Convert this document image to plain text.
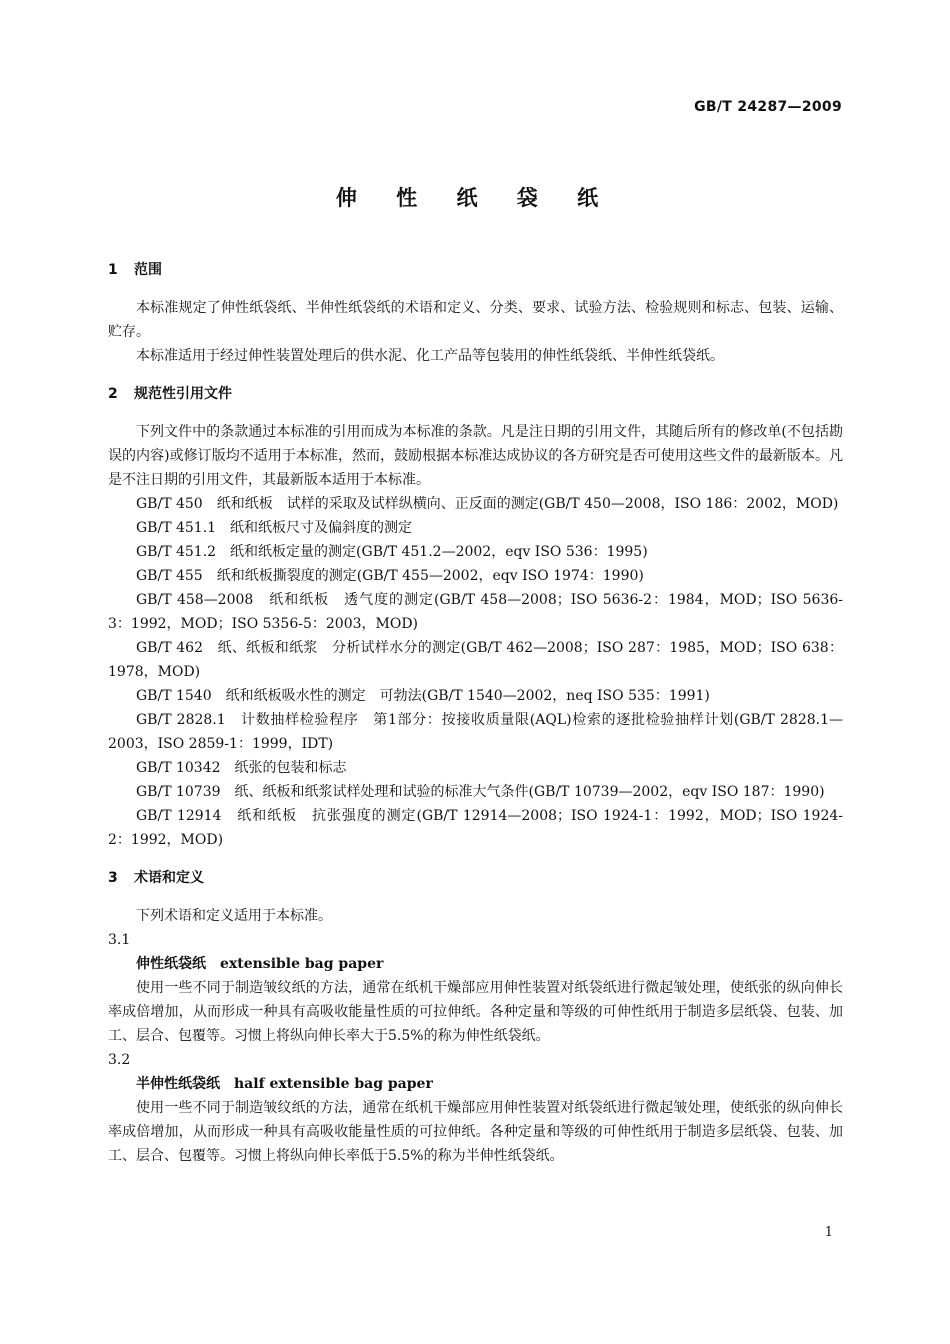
GB/T 24287—2009
伸 性 纸 袋 纸
1 范围
本标准规定了伸性纸袋纸、半伸性纸袋纸的术语和定义、分类、要求、试验方法、检验规则和标志、包装、运输、贮存。
本标准适用于经过伸性装置处理后的供水泥、化工产品等包装用的伸性纸袋纸、半伸性纸袋纸。
2 规范性引用文件
下列文件中的条款通过本标准的引用而成为本标准的条款。凡是注日期的引用文件，其随后所有的修改单(不包括勘误的内容)或修订版均不适用于本标准，然而，鼓励根据本标准达成协议的各方研究是否可使用这些文件的最新版本。凡是不注日期的引用文件，其最新版本适用于本标准。
GB/T 450　纸和纸板　试样的采取及试样纵横向、正反面的测定(GB/T 450—2008，ISO 186：2002，MOD)
GB/T 451.1　纸和纸板尺寸及偏斜度的测定
GB/T 451.2　纸和纸板定量的测定(GB/T 451.2—2002，eqv ISO 536：1995)
GB/T 455　纸和纸板撕裂度的测定(GB/T 455—2002，eqv ISO 1974：1990)
GB/T 458—2008　纸和纸板　透气度的测定(GB/T 458—2008；ISO 5636-2：1984，MOD；ISO 5636-3：1992，MOD；ISO 5356-5：2003，MOD)
GB/T 462　纸、纸板和纸浆　分析试样水分的测定(GB/T 462—2008；ISO 287：1985，MOD；ISO 638：1978，MOD)
GB/T 1540　纸和纸板吸水性的测定　可勃法(GB/T 1540—2002，neq ISO 535：1991)
GB/T 2828.1　计数抽样检验程序　第1部分：按接收质量限(AQL)检索的逐批检验抽样计划(GB/T 2828.1—2003，ISO 2859-1：1999，IDT)
GB/T 10342　纸张的包装和标志
GB/T 10739　纸、纸板和纸浆试样处理和试验的标准大气条件(GB/T 10739—2002，eqv ISO 187：1990)
GB/T 12914　纸和纸板　抗张强度的测定(GB/T 12914—2008；ISO 1924-1：1992，MOD；ISO 1924-2：1992，MOD)
3 术语和定义
下列术语和定义适用于本标准。
3.1
伸性纸袋纸 extensible bag paper
使用一些不同于制造皱纹纸的方法，通常在纸机干燥部应用伸性装置对纸袋纸进行微起皱处理，使纸张的纵向伸长率成倍增加，从而形成一种具有高吸收能量性质的可拉伸纸。各种定量和等级的可伸性纸用于制造多层纸袋、包装、加工、层合、包覆等。习惯上将纵向伸长率大于5.5%的称为伸性纸袋纸。
3.2
半伸性纸袋纸 half extensible bag paper
使用一些不同于制造皱纹纸的方法，通常在纸机干燥部应用伸性装置对纸袋纸进行微起皱处理，使纸张的纵向伸长率成倍增加，从而形成一种具有高吸收能量性质的可拉伸纸。各种定量和等级的可伸性纸用于制造多层纸袋、包装、加工、层合、包覆等。习惯上将纵向伸长率低于5.5%的称为半伸性纸袋纸。
1
